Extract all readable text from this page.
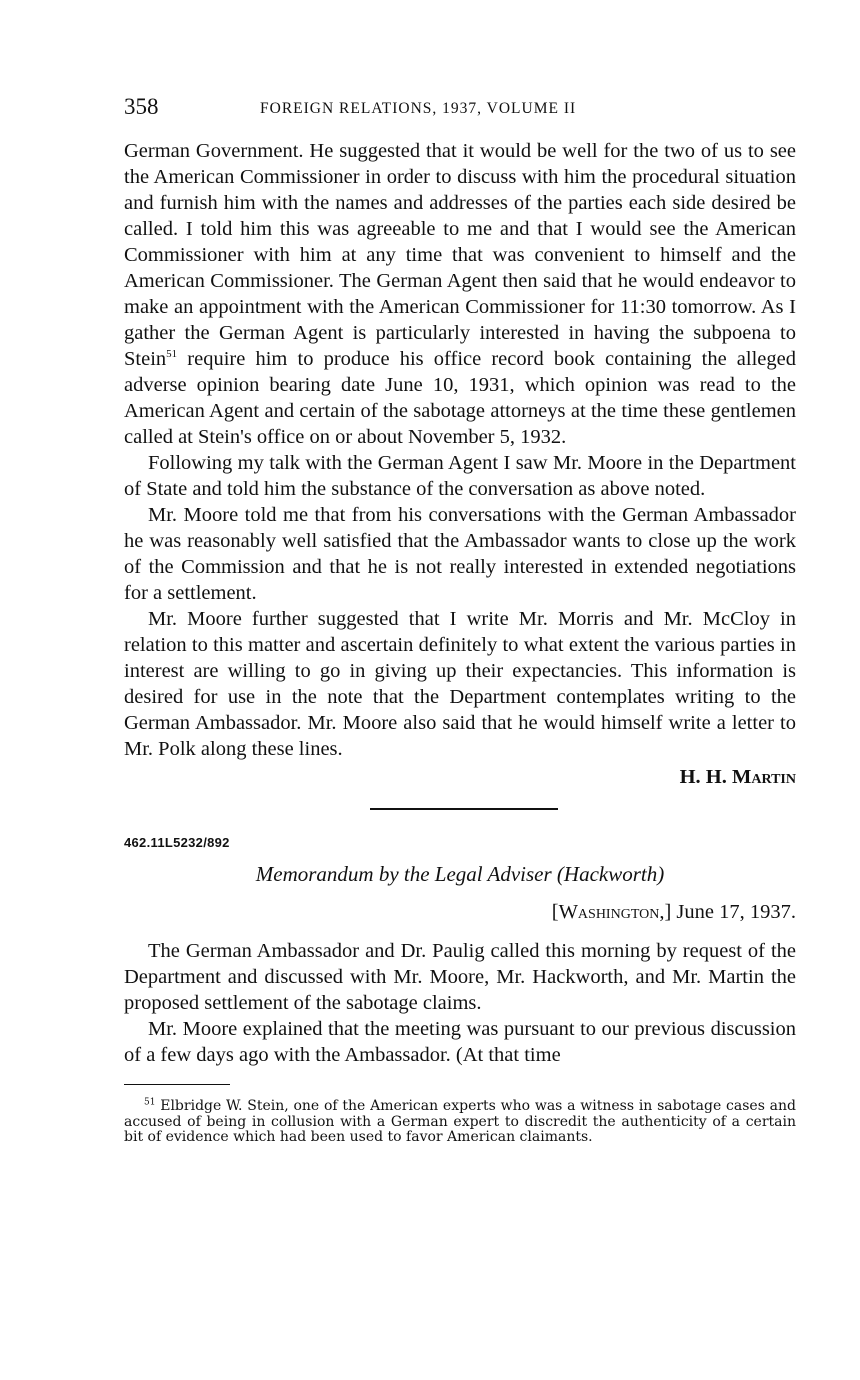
358	FOREIGN RELATIONS, 1937, VOLUME II

German Government. He suggested that it would be well for the two of us to see the American Commissioner in order to discuss with him the procedural situation and furnish him with the names and addresses of the parties each side desired be called. I told him this was agreeable to me and that I would see the American Commissioner with him at any time that was convenient to himself and the American Commissioner. The German Agent then said that he would endeavor to make an appointment with the American Commissioner for 11:30 tomorrow. As I gather the German Agent is particularly interested in having the subpoena to Stein$^{51}$ require him to produce his office record book containing the alleged adverse opinion bearing date June 10, 1931, which opinion was read to the American Agent and certain of the sabotage attorneys at the time these gentlemen called at Stein's office on or about November 5, 1932.

Following my talk with the German Agent I saw Mr. Moore in the Department of State and told him the substance of the conversation as above noted.

Mr. Moore told me that from his conversations with the German Ambassador he was reasonably well satisfied that the Ambassador wants to close up the work of the Commission and that he is not really interested in extended negotiations for a settlement.

Mr. Moore further suggested that I write Mr. Morris and Mr. McCloy in relation to this matter and ascertain definitely to what extent the various parties in interest are willing to go in giving up their expectancies. This information is desired for use in the note that the Department contemplates writing to the German Ambassador. Mr. Moore also said that he would himself write a letter to Mr. Polk along these lines.

H. H. Martin
462.11L5232/892
Memorandum by the Legal Adviser (Hackworth)
[Washington,] June 17, 1937.

The German Ambassador and Dr. Paulig called this morning by request of the Department and discussed with Mr. Moore, Mr. Hackworth, and Mr. Martin the proposed settlement of the sabotage claims.

Mr. Moore explained that the meeting was pursuant to our previous discussion of a few days ago with the Ambassador. (At that time

$^{51}$ Elbridge W. Stein, one of the American experts who was a witness in sabotage cases and accused of being in collusion with a German expert to discredit the authenticity of a certain bit of evidence which had been used to favor American claimants.
